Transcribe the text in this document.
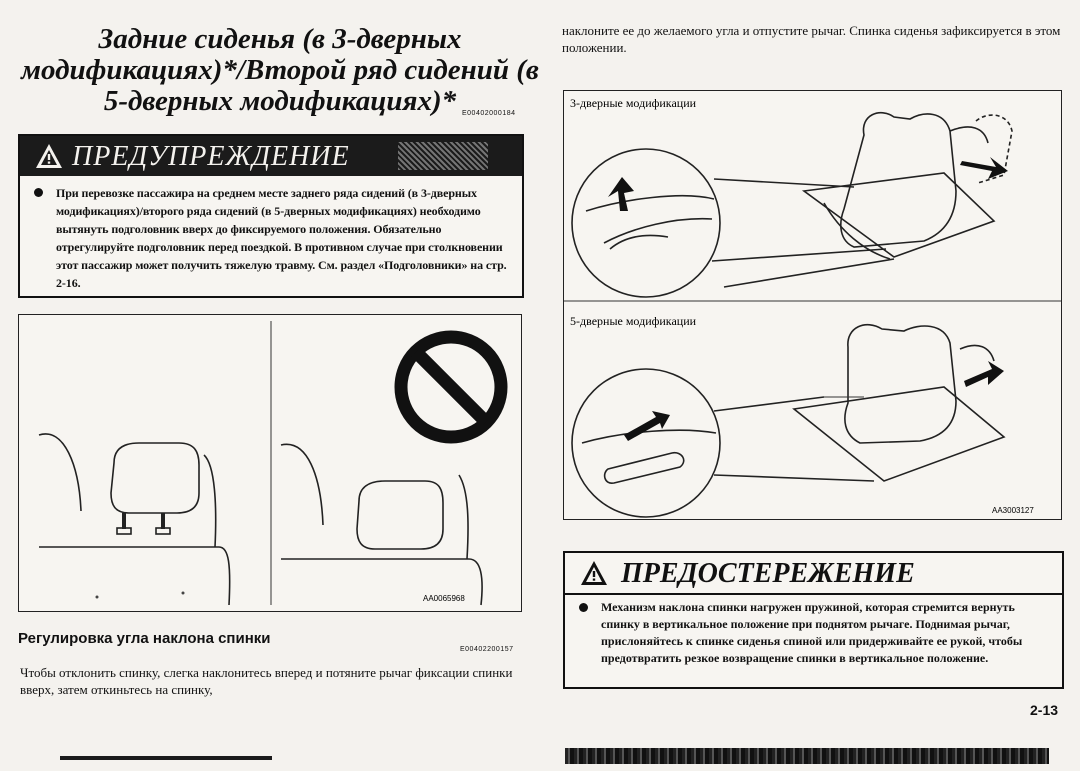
Задние сиденья (в 3-дверных модификациях)*/Второй ряд сидений (в 5-дверных модификациях)* E00402000184
ПРЕДУПРЕЖДЕНИЕ
При перевозке пассажира на среднем месте заднего ряда сидений (в 3-дверных модификациях)/второго ряда сидений (в 5-дверных модификациях) необходимо вытянуть подголовник вверх до фиксируемого положения. Обязательно отрегулируйте подголовник перед поездкой. В противном случае при столкновении этот пассажир может получить тяжелую травму. См. раздел «Подголовники» на стр. 2-16.
AA0065968
Регулировка угла наклона спинки
E00402200157
Чтобы отклонить спинку, слегка наклонитесь вперед и потяните рычаг фиксации спинки вверх, затем откиньтесь на спинку,
наклоните ее до желаемого угла и отпустите рычаг. Спинка сиденья зафиксируется в этом положении.
3-дверные модификации
5-дверные модификации
AA3003127
ПРЕДОСТЕРЕЖЕНИЕ
Механизм наклона спинки нагружен пружиной, которая стремится вернуть спинку в вертикальное положение при поднятом рычаге. Поднимая рычаг, прислоняйтесь к спинке сиденья спиной или придерживайте ее рукой, чтобы предотвратить резкое возвращение спинки в вертикальное положение.
2-13
